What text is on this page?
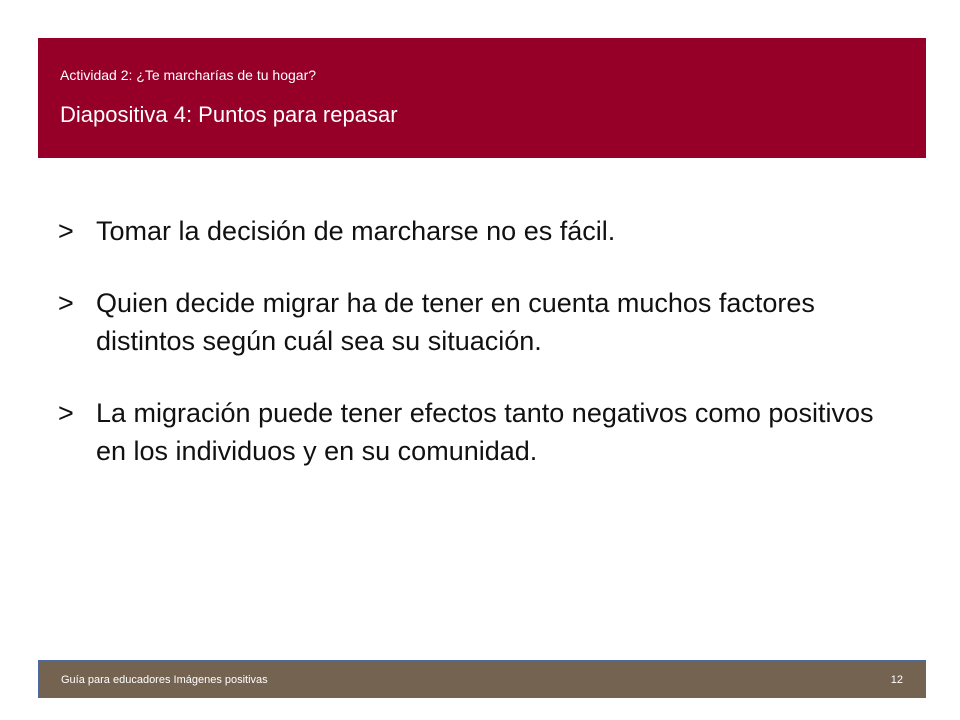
Actividad 2: ¿Te marcharías de tu hogar?
Diapositiva 4: Puntos para repasar
> Tomar la decisión de marcharse no es fácil.
> Quien decide migrar ha de tener en cuenta muchos factores distintos según cuál sea su situación.
> La migración puede tener efectos tanto negativos como positivos en los individuos y en su comunidad.
Guía para educadores Imágenes positivas	12
